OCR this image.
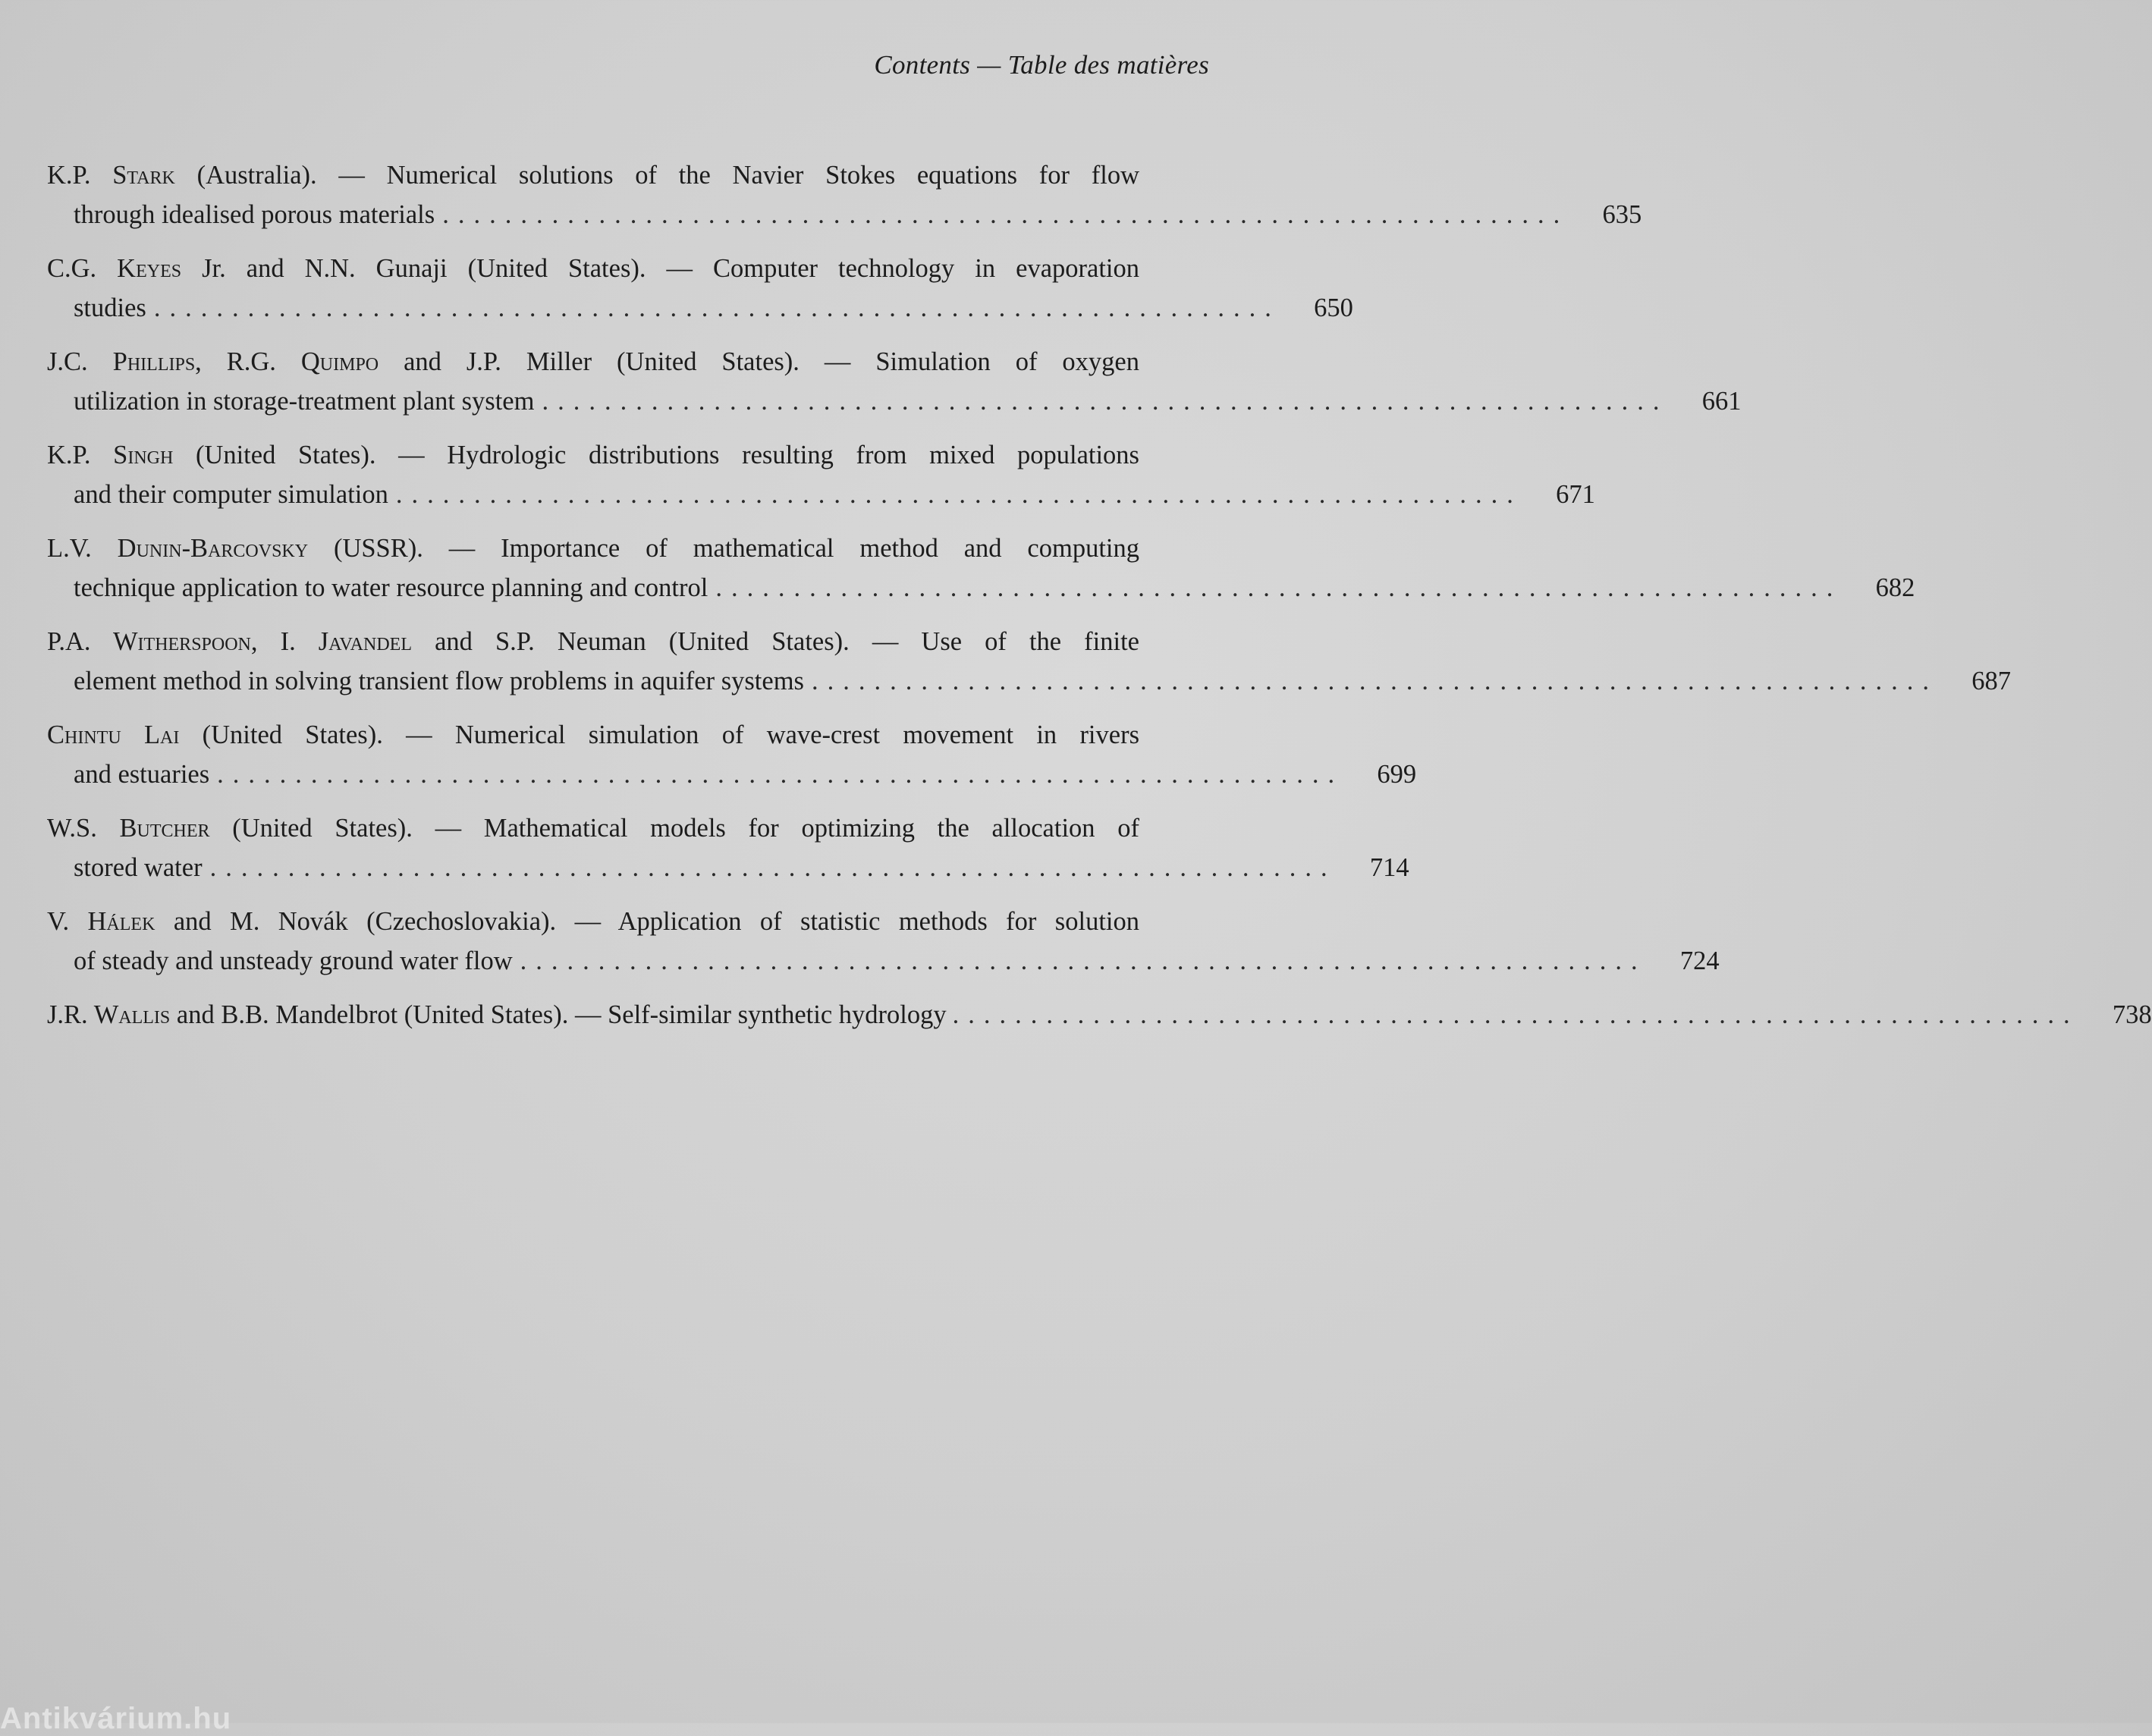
Contents — Table des matières
K.P. Stark (Australia). — Numerical solutions of the Navier Stokes equations for flow
through idealised porous materials ........................................................................ 635
C.G. Keyes Jr. and N.N. Gunaji (United States). — Computer technology in evaporation
studies ........................................................................ 650
J.C. Phillips, R.G. Quimpo and J.P. Miller (United States). — Simulation of oxygen
utilization in storage-treatment plant system ........................................................................ 661
K.P. Singh (United States). — Hydrologic distributions resulting from mixed populations
and their computer simulation ........................................................................ 671
L.V. Dunin-Barcovsky (USSR). — Importance of mathematical method and computing
technique application to water resource planning and control ........................................................................ 682
P.A. Witherspoon, I. Javandel and S.P. Neuman (United States). — Use of the finite
element method in solving transient flow problems in aquifer systems ........................................................................ 687
Chintu Lai (United States). — Numerical simulation of wave-crest movement in rivers
and estuaries ........................................................................ 699
W.S. Butcher (United States). — Mathematical models for optimizing the allocation of
stored water ........................................................................ 714
V. Hálek and M. Novák (Czechoslovakia). — Application of statistic methods for solution
of steady and unsteady ground water flow ........................................................................ 724
J.R. Wallis and B.B. Mandelbrot (United States). — Self-similar synthetic hydrology ........................................................................ 738
Antikvárium.hu
